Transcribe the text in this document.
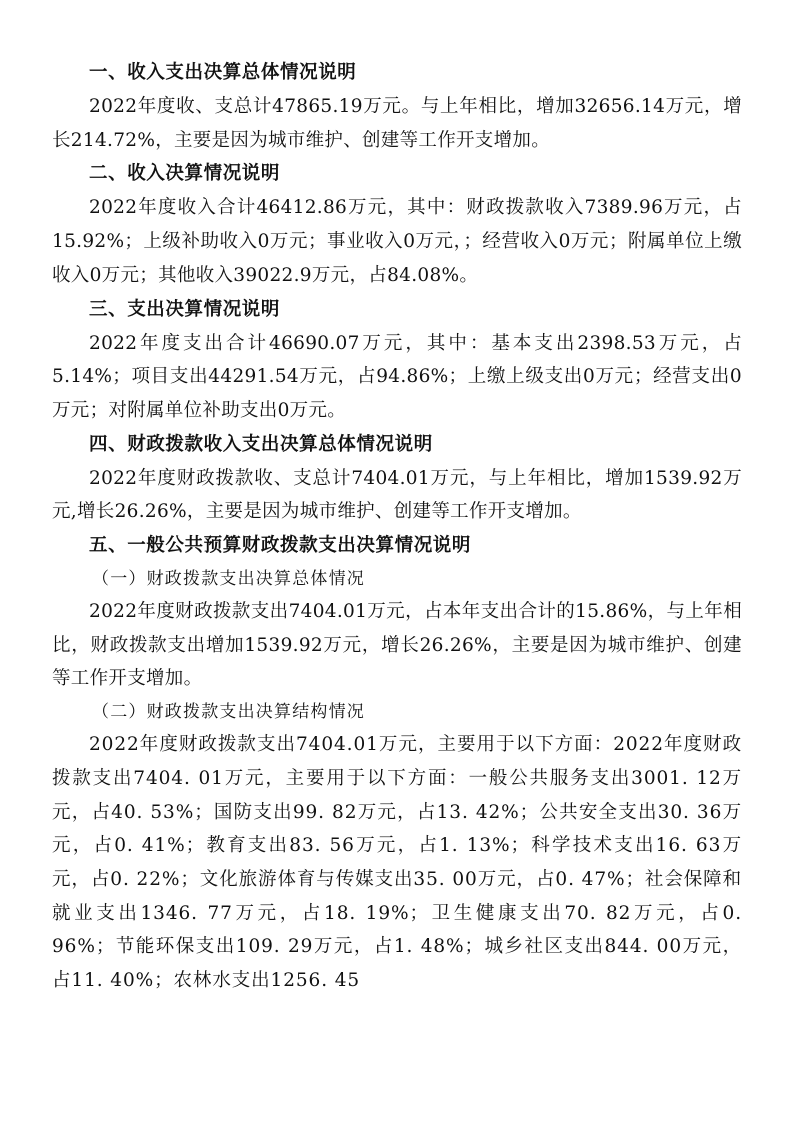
一、收入支出决算总体情况说明

2022年度收、支总计47865.19万元。与上年相比，增加32656.14万元，增长214.72%，主要是因为城市维护、创建等工作开支增加。

二、收入决算情况说明

2022年度收入合计46412.86万元，其中：财政拨款收入7389.96万元，占15.92%；上级补助收入0万元；事业收入0万元，；经营收入0万元；附属单位上缴收入0万元；其他收入39022.9万元，占84.08%。

三、支出决算情况说明

2022年度支出合计46690.07万元，其中：基本支出2398.53万元，占5.14%；项目支出44291.54万元，占94.86%；上缴上级支出0万元；经营支出0万元；对附属单位补助支出0万元。

四、财政拨款收入支出决算总体情况说明

2022年度财政拨款收、支总计7404.01万元，与上年相比，增加1539.92万元,增长26.26%，主要是因为城市维护、创建等工作开支增加。

五、一般公共预算财政拨款支出决算情况说明
（一）财政拨款支出决算总体情况

2022年度财政拨款支出7404.01万元，占本年支出合计的15.86%，与上年相比，财政拨款支出增加1539.92万元，增长26.26%，主要是因为城市维护、创建等工作开支增加。

（二）财政拨款支出决算结构情况

2022年度财政拨款支出7404.01万元，主要用于以下方面：2022年度财政拨款支出7404. 01万元，主要用于以下方面：一般公共服务支出3001. 12万元，占40. 53%；国防支出99. 82万元，占13. 42%；公共安全支出30. 36万元，占0. 41%；教育支出83. 56万元，占1. 13%；科学技术支出16. 63万元，占0. 22%；文化旅游体育与传媒支出35. 00万元，占0. 47%；社会保障和就业支出1346. 77万元，占18. 19%；卫生健康支出70. 82万元，占0. 96%；节能环保支出109. 29万元，占1. 48%；城乡社区支出844. 00万元，占11. 40%；农林水支出1256. 45
